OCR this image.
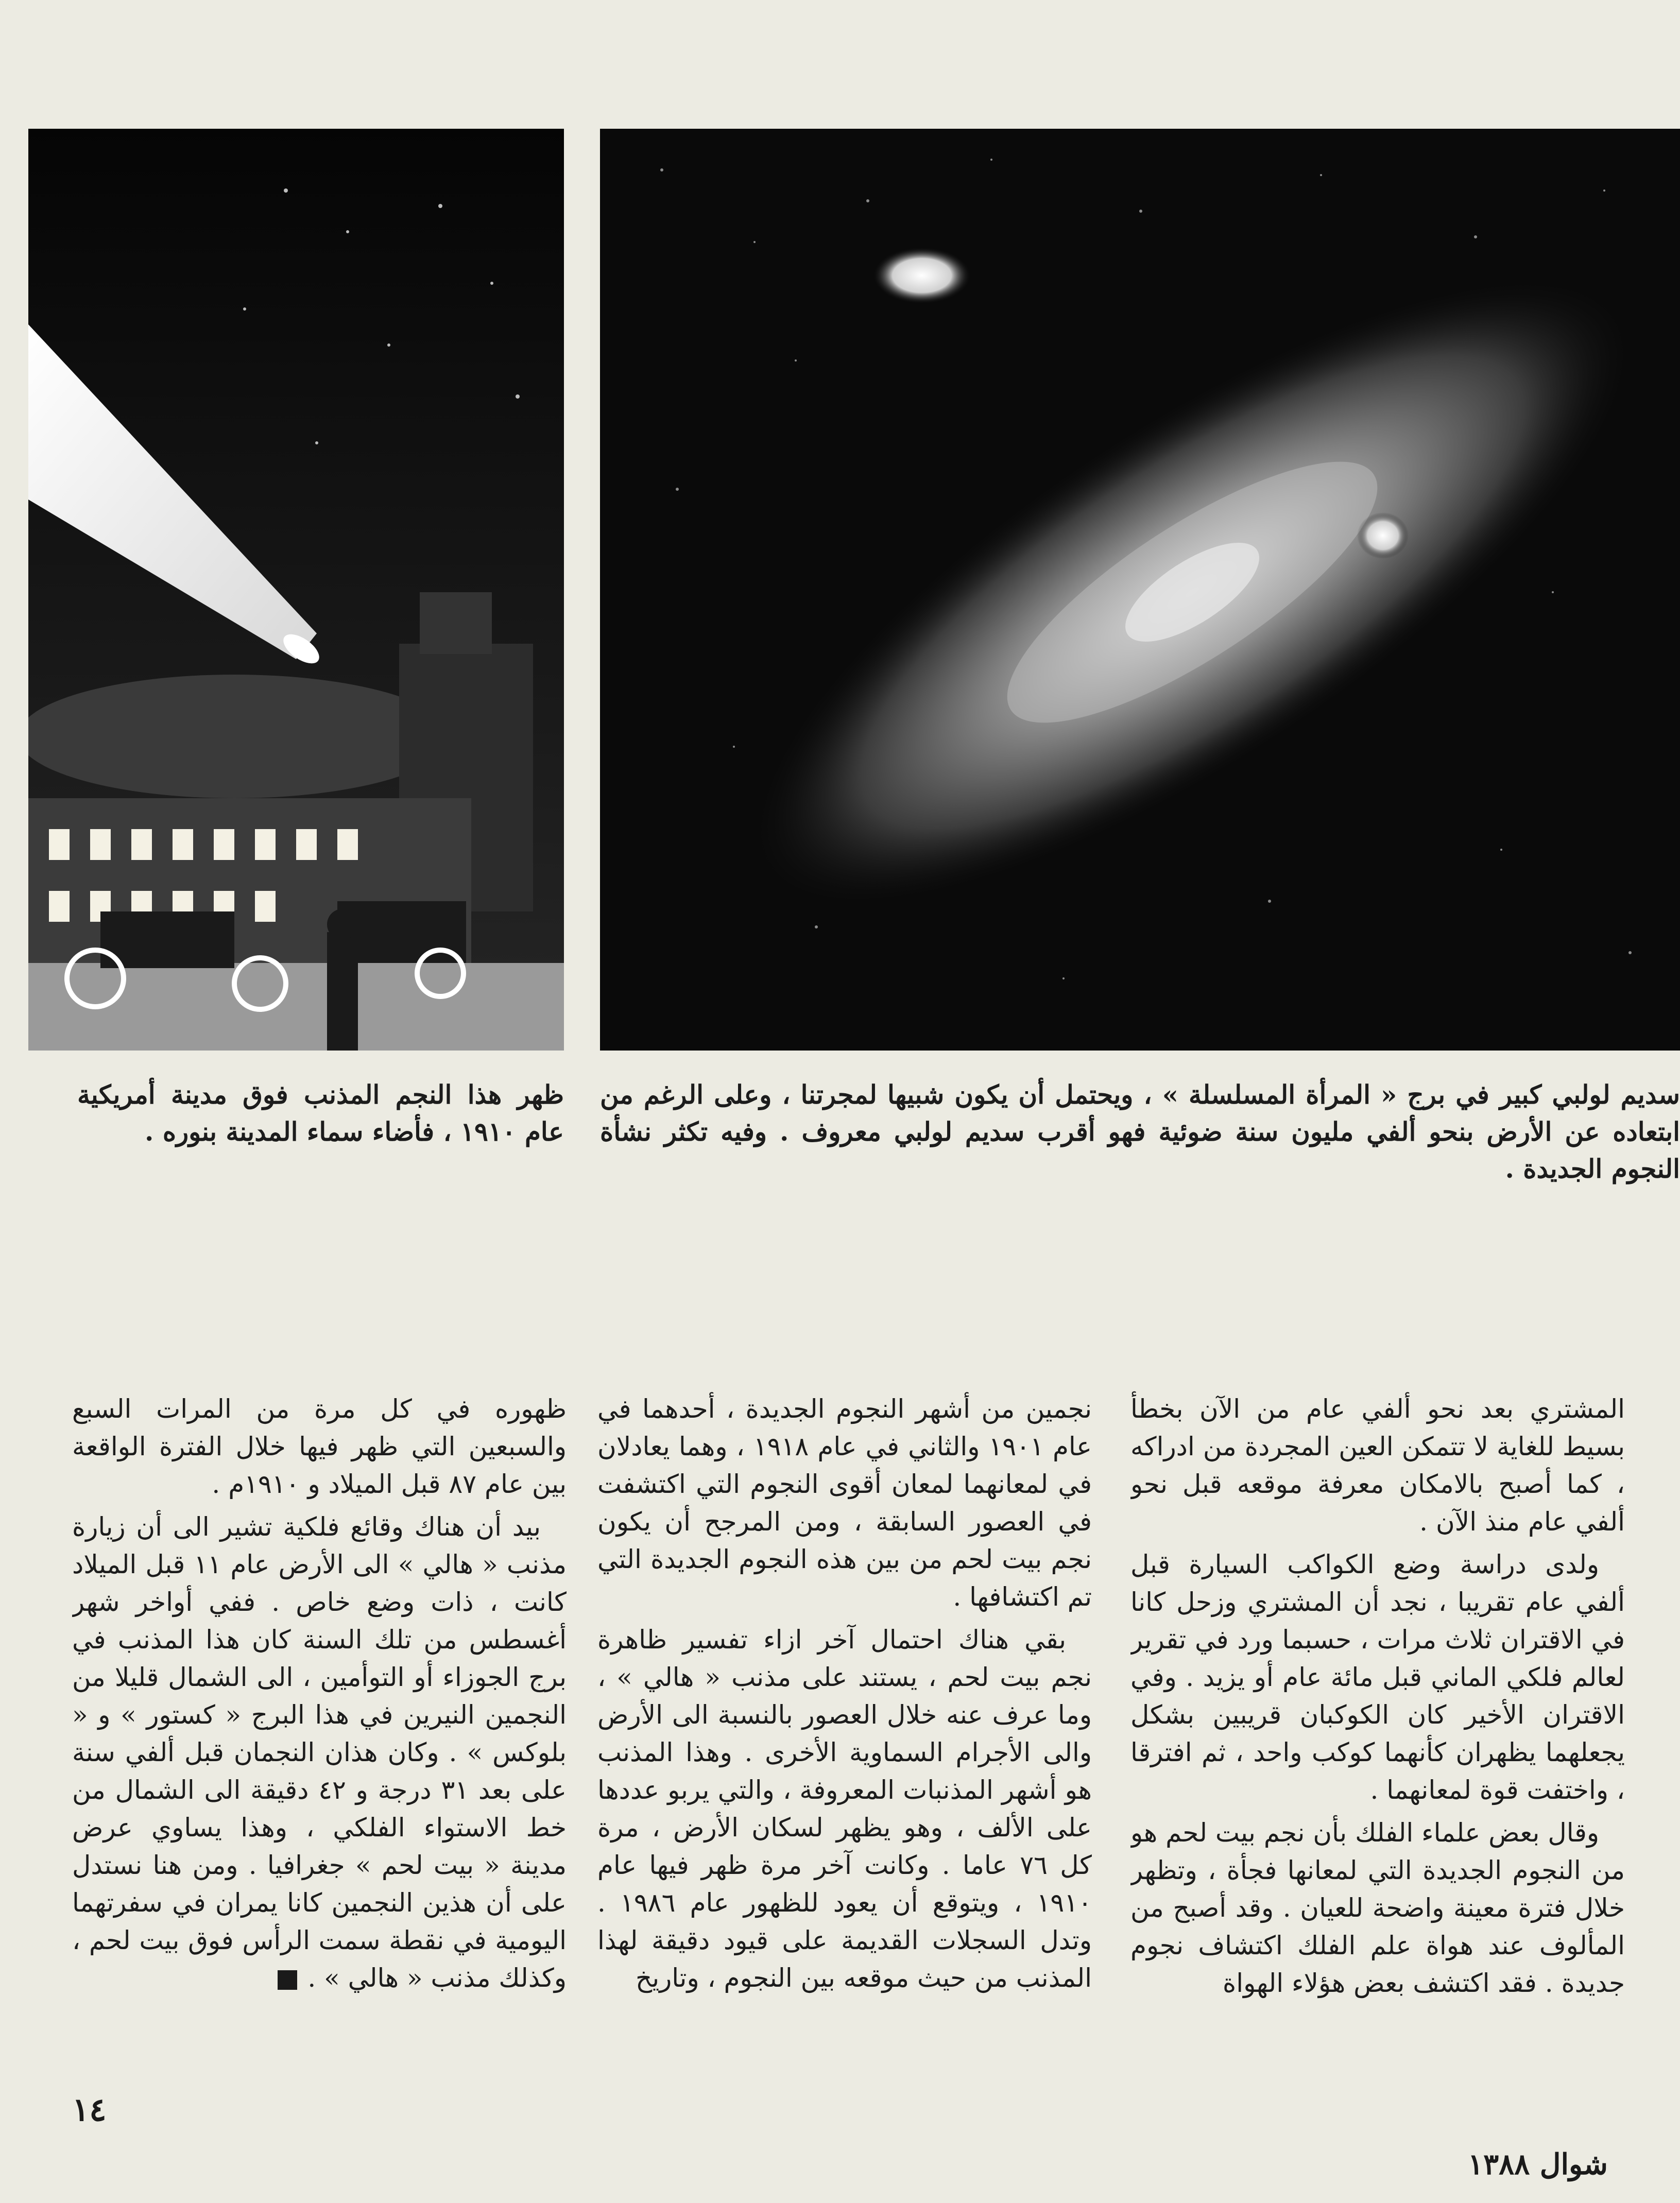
سديم لولبي كبير في برج « المرأة المسلسلة » ، ويحتمل أن يكون شبيها لمجرتنا ، وعلى الرغم من ابتعاده عن الأرض بنحو ألفي مليون سنة ضوئية فهو أقرب سديم لولبي معروف . وفيه تكثر نشأة النجوم الجديدة .
ظهر هذا النجم المذنب فوق مدينة أمريكية عام ١٩١٠ ، فأضاء سماء المدينة بنوره .

المشتري بعد نحو ألفي عام من الآن بخطأ بسيط للغاية لا تتمكن العين المجردة من ادراكه ، كما أصبح بالامكان معرفة موقعه قبل نحو ألفي عام منذ الآن .

ولدى دراسة وضع الكواكب السيارة قبل ألفي عام تقريبا ، نجد أن المشتري وزحل كانا في الاقتران ثلاث مرات ، حسبما ورد في تقرير لعالم فلكي الماني قبل مائة عام أو يزيد . وفي الاقتران الأخير كان الكوكبان قريبين بشكل يجعلهما يظهران كأنهما كوكب واحد ، ثم افترقا ، واختفت قوة لمعانهما .

وقال بعض علماء الفلك بأن نجم بيت لحم هو من النجوم الجديدة التي لمعانها فجأة ، وتظهر خلال فترة معينة واضحة للعيان . وقد أصبح من المألوف عند هواة علم الفلك اكتشاف نجوم جديدة . فقد اكتشف بعض هؤلاء الهواة

نجمين من أشهر النجوم الجديدة ، أحدهما في عام ١٩٠١ والثاني في عام ١٩١٨ ، وهما يعادلان في لمعانهما لمعان أقوى النجوم التي اكتشفت في العصور السابقة ، ومن المرجح أن يكون نجم بيت لحم من بين هذه النجوم الجديدة التي تم اكتشافها .

بقي هناك احتمال آخر ازاء تفسير ظاهرة نجم بيت لحم ، يستند على مذنب « هالي » ، وما عرف عنه خلال العصور بالنسبة الى الأرض والى الأجرام السماوية الأخرى . وهذا المذنب هو أشهر المذنبات المعروفة ، والتي يربو عددها على الألف ، وهو يظهر لسكان الأرض ، مرة كل ٧٦ عاما . وكانت آخر مرة ظهر فيها عام ١٩١٠ ، ويتوقع أن يعود للظهور عام ١٩٨٦ . وتدل السجلات القديمة على قيود دقيقة لهذا المذنب من حيث موقعه بين النجوم ، وتاريخ

ظهوره في كل مرة من المرات السبع والسبعين التي ظهر فيها خلال الفترة الواقعة بين عام ٨٧ قبل الميلاد و ١٩١٠م .

بيد أن هناك وقائع فلكية تشير الى أن زيارة مذنب « هالي » الى الأرض عام ١١ قبل الميلاد كانت ، ذات وضع خاص . ففي أواخر شهر أغسطس من تلك السنة كان هذا المذنب في برج الجوزاء أو التوأمين ، الى الشمال قليلا من النجمين النيرين في هذا البرج « كستور » و « بلوكس » . وكان هذان النجمان قبل ألفي سنة على بعد ٣١ درجة و ٤٢ دقيقة الى الشمال من خط الاستواء الفلكي ، وهذا يساوي عرض مدينة « بيت لحم » جغرافيا . ومن هنا نستدل على أن هذين النجمين كانا يمران في سفرتهما اليومية في نقطة سمت الرأس فوق بيت لحم ، وكذلك مذنب « هالي » .

١٤
شوال ١٣٨٨
